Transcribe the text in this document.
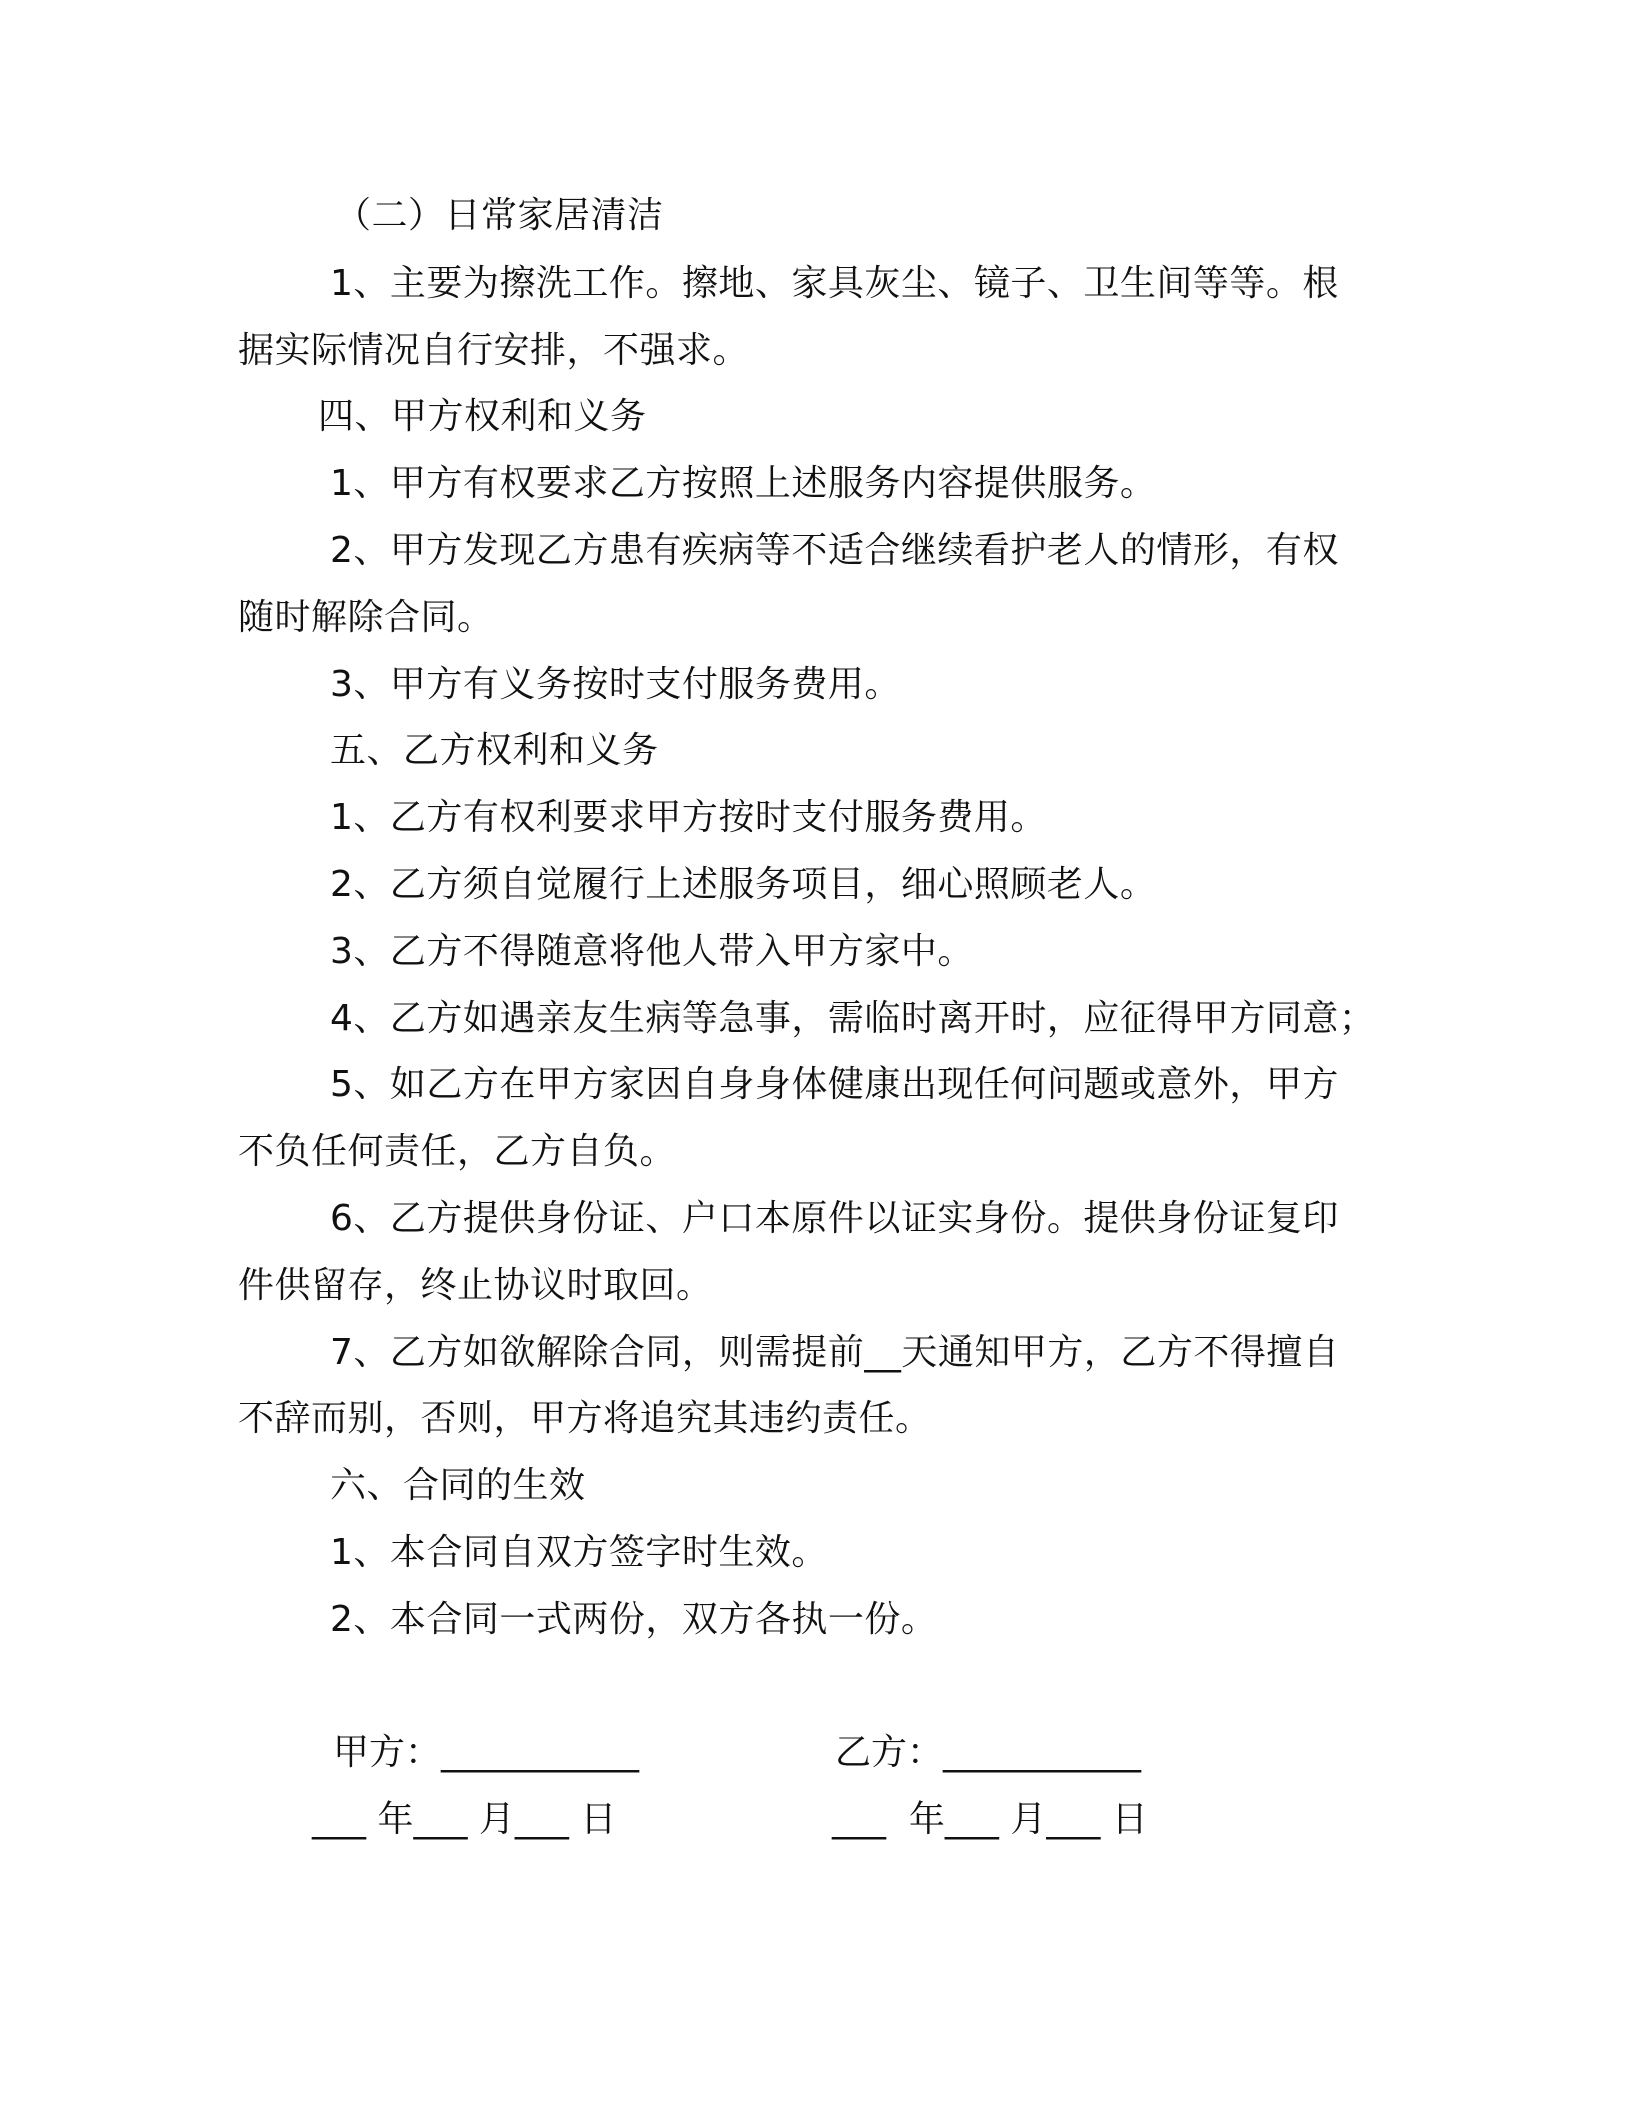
（二）日常家居清洁
1、主要为擦洗工作。擦地、家具灰尘、镜子、卫生间等等。根
据实际情况自行安排，不强求。
四、甲方权利和义务
1、甲方有权要求乙方按照上述服务内容提供服务。
2、甲方发现乙方患有疾病等不适合继续看护老人的情形，有权
随时解除合同。
3、甲方有义务按时支付服务费用。
五、乙方权利和义务
1、乙方有权利要求甲方按时支付服务费用。
2、乙方须自觉履行上述服务项目，细心照顾老人。
3、乙方不得随意将他人带入甲方家中。
4、乙方如遇亲友生病等急事，需临时离开时，应征得甲方同意；
5、如乙方在甲方家因自身身体健康出现任何问题或意外，甲方
不负任何责任，乙方自负。
6、乙方提供身份证、户口本原件以证实身份。提供身份证复印
件供留存，终止协议时取回。
7、乙方如欲解除合同，则需提前__天通知甲方，乙方不得擅自
不辞而别，否则，甲方将追究其违约责任。
六、合同的生效
1、本合同自双方签字时生效。
2、本合同一式两份，双方各执一份。
甲方：___________	乙方：___________
___ 年___ 月___ 日	___  年___ 月___ 日
